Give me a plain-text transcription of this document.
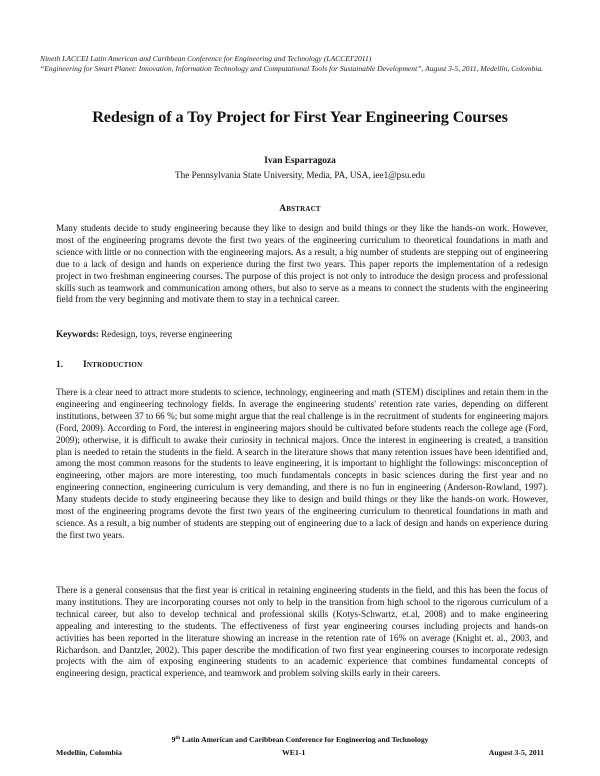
Nineth LACCEI Latin American and Caribbean Conference for Engineering and Technology (LACCEI'2011)
“Engineering for Smart Planet: Innovation, Information Technology and Computational Tools for Sustainable Development”, August 3-5, 2011, Medellín, Colombia.
Redesign of a Toy Project for First Year Engineering Courses
Ivan Esparragoza
The Pennsylvania State University, Media, PA, USA, iee1@psu.edu
Abstract

Many students decide to study engineering because they like to design and build things or they like the hands-on work. However, most of the engineering programs devote the first two years of the engineering curriculum to theoretical foundations in math and science with little or no connection with the engineering majors. As a result, a big number of students are stepping out of engineering due to a lack of design and hands on experience during the first two years. This paper reports the implementation of a redesign project in two freshman engineering courses. The purpose of this project is not only to introduce the design process and professional skills such as teamwork and communication among others, but also to serve as a means to connect the students with the engineering field from the very beginning and motivate them to stay in a technical career.

Keywords: Redesign, toys, reverse engineering
1. Introduction

There is a clear need to attract more students to science, technology, engineering and math (STEM) disciplines and retain them in the engineering and engineering technology fields. In average the engineering students' retention rate varies, depending on different institutions, between 37 to 66 %; but some might argue that the real challenge is in the recruitment of students for engineering majors (Ford, 2009). According to Ford, the interest in engineering majors should be cultivated before students reach the college age (Ford, 2009); otherwise, it is difficult to awake their curiosity in technical majors. Once the interest in engineering is created, a transition plan is needed to retain the students in the field. A search in the literature shows that many retention issues have been identified and, among the most common reasons for the students to leave engineering, it is important to highlight the followings: misconception of engineering, other majors are more interesting, too much fundamentals concepts in basic sciences during the first year and no engineering connection, engineering curriculum is very demanding, and there is no fun in engineering (Anderson-Rowland, 1997). Many students decide to study engineering because they like to design and build things or they like the hands-on work. However, most of the engineering programs devote the first two years of the engineering curriculum to theoretical foundations in math and science. As a result, a big number of students are stepping out of engineering due to a lack of design and hands on experience during the first two years.

There is a general consensus that the first year is critical in retaining engineering students in the field, and this has been the focus of many institutions. They are incorporating courses not only to help in the transition from high school to the rigorous curriculum of a technical career, but also to develop technical and professional skills (Kotys-Schwartz, et.al, 2008) and to make engineering appealing and interesting to the students. The effectiveness of first year engineering courses including projects and hands-on activities has been reported in the literature showing an increase in the retention rate of 16% on average (Knight et. al., 2003, and Richardson. and Dantzler, 2002). This paper describe the modification of two first year engineering courses to incorporate redesign projects with the aim of exposing engineering students to an academic experience that combines fundamental concepts of engineering design, practical experience, and teamwork and problem solving skills early in their careers.

9th Latin American and Caribbean Conference for Engineering and Technology
Medellín, Colombia	WE1-1	August 3-5, 2011
